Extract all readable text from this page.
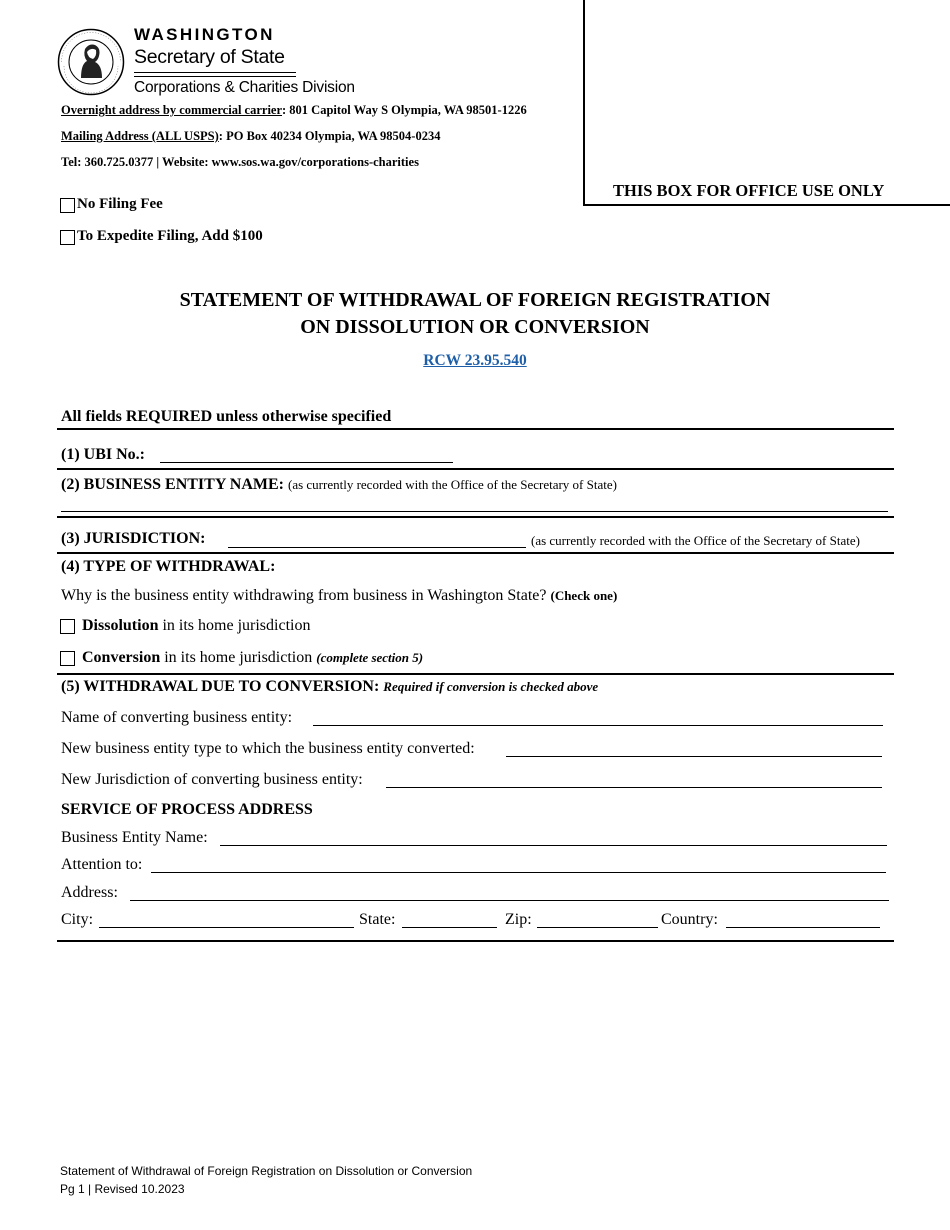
THIS BOX FOR OFFICE USE ONLY
WASHINGTON
Secretary of State
Corporations & Charities Division
Overnight address by commercial carrier: 801 Capitol Way S Olympia, WA 98501-1226
Mailing Address (ALL USPS): PO Box 40234 Olympia, WA 98504-0234
Tel: 360.725.0377 | Website: www.sos.wa.gov/corporations-charities
No Filing Fee
To Expedite Filing, Add $100
STATEMENT OF WITHDRAWAL OF FOREIGN REGISTRATION
ON DISSOLUTION OR CONVERSION
RCW 23.95.540
All fields REQUIRED unless otherwise specified
(1) UBI No.:
(2) BUSINESS ENTITY NAME: (as currently recorded with the Office of the Secretary of State)
(3) JURISDICTION:	(as currently recorded with the Office of the Secretary of State)
(4) TYPE OF WITHDRAWAL:
Why is the business entity withdrawing from business in Washington State? (Check one)
Dissolution in its home jurisdiction
Conversion in its home jurisdiction (complete section 5)
(5) WITHDRAWAL DUE TO CONVERSION: Required if conversion is checked above
Name of converting business entity:
New business entity type to which the business entity converted:
New Jurisdiction of converting business entity:
SERVICE OF PROCESS ADDRESS
Business Entity Name:
Attention to:
Address:
City:	State:	Zip:	Country:
Statement of Withdrawal of Foreign Registration on Dissolution or Conversion
Pg 1 | Revised 10.2023
